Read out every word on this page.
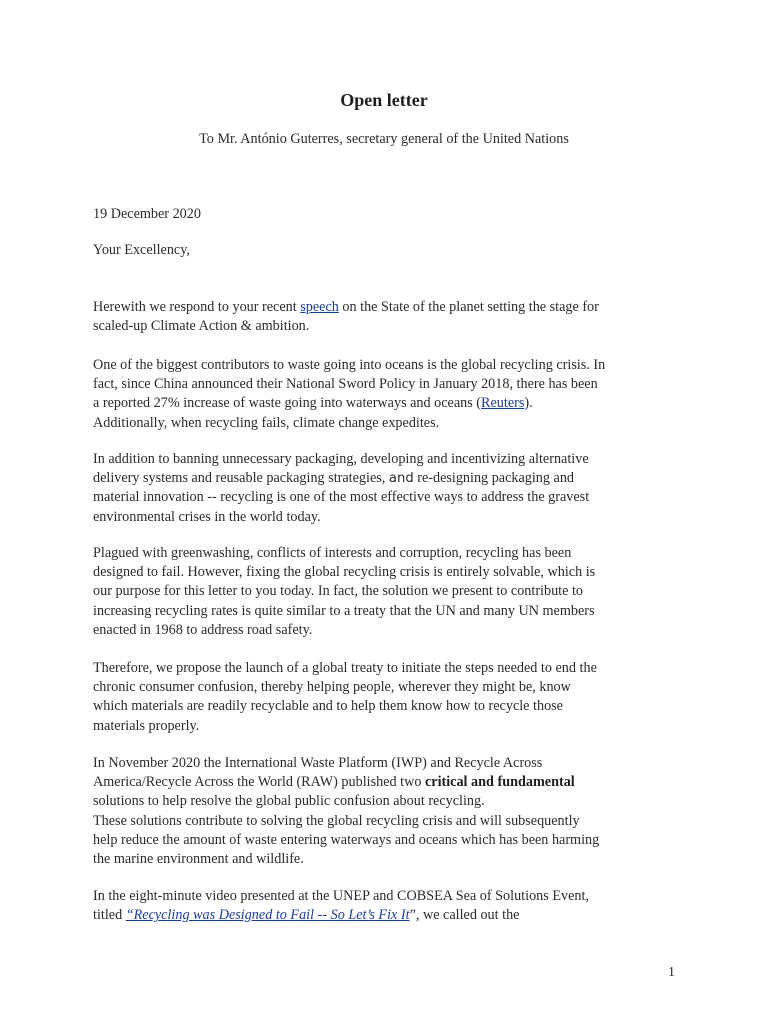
Open letter

To Mr. António Guterres, secretary general of the United Nations

19 December 2020

Your Excellency,

Herewith we respond to your recent speech on the State of the planet setting the stage for
scaled-up Climate Action & ambition.

One of the biggest contributors to waste going into oceans is the global recycling crisis. In
fact, since China announced their National Sword Policy in January 2018, there has been
a reported 27% increase of waste going into waterways and oceans (Reuters).
Additionally, when recycling fails, climate change expedites.

In addition to banning unnecessary packaging, developing and incentivizing alternative
delivery systems and reusable packaging strategies, and re-designing packaging and
material innovation -- recycling is one of the most effective ways to address the gravest
environmental crises in the world today.

Plagued with greenwashing, conflicts of interests and corruption, recycling has been
designed to fail. However, fixing the global recycling crisis is entirely solvable, which is
our purpose for this letter to you today. In fact, the solution we present to contribute to
increasing recycling rates is quite similar to a treaty that the UN and many UN members
enacted in 1968 to address road safety.

Therefore, we propose the launch of a global treaty to initiate the steps needed to end the
chronic consumer confusion, thereby helping people, wherever they might be, know
which materials are readily recyclable and to help them know how to recycle those
materials properly.

In November 2020 the International Waste Platform (IWP) and Recycle Across
America/Recycle Across the World (RAW) published two critical and fundamental
solutions to help resolve the global public confusion about recycling.
These solutions contribute to solving the global recycling crisis and will subsequently
help reduce the amount of waste entering waterways and oceans which has been harming
the marine environment and wildlife.

In the eight-minute video presented at the UNEP and COBSEA Sea of Solutions Event,
titled “Recycling was Designed to Fail -- So Let’s Fix It”, we called out the

1
